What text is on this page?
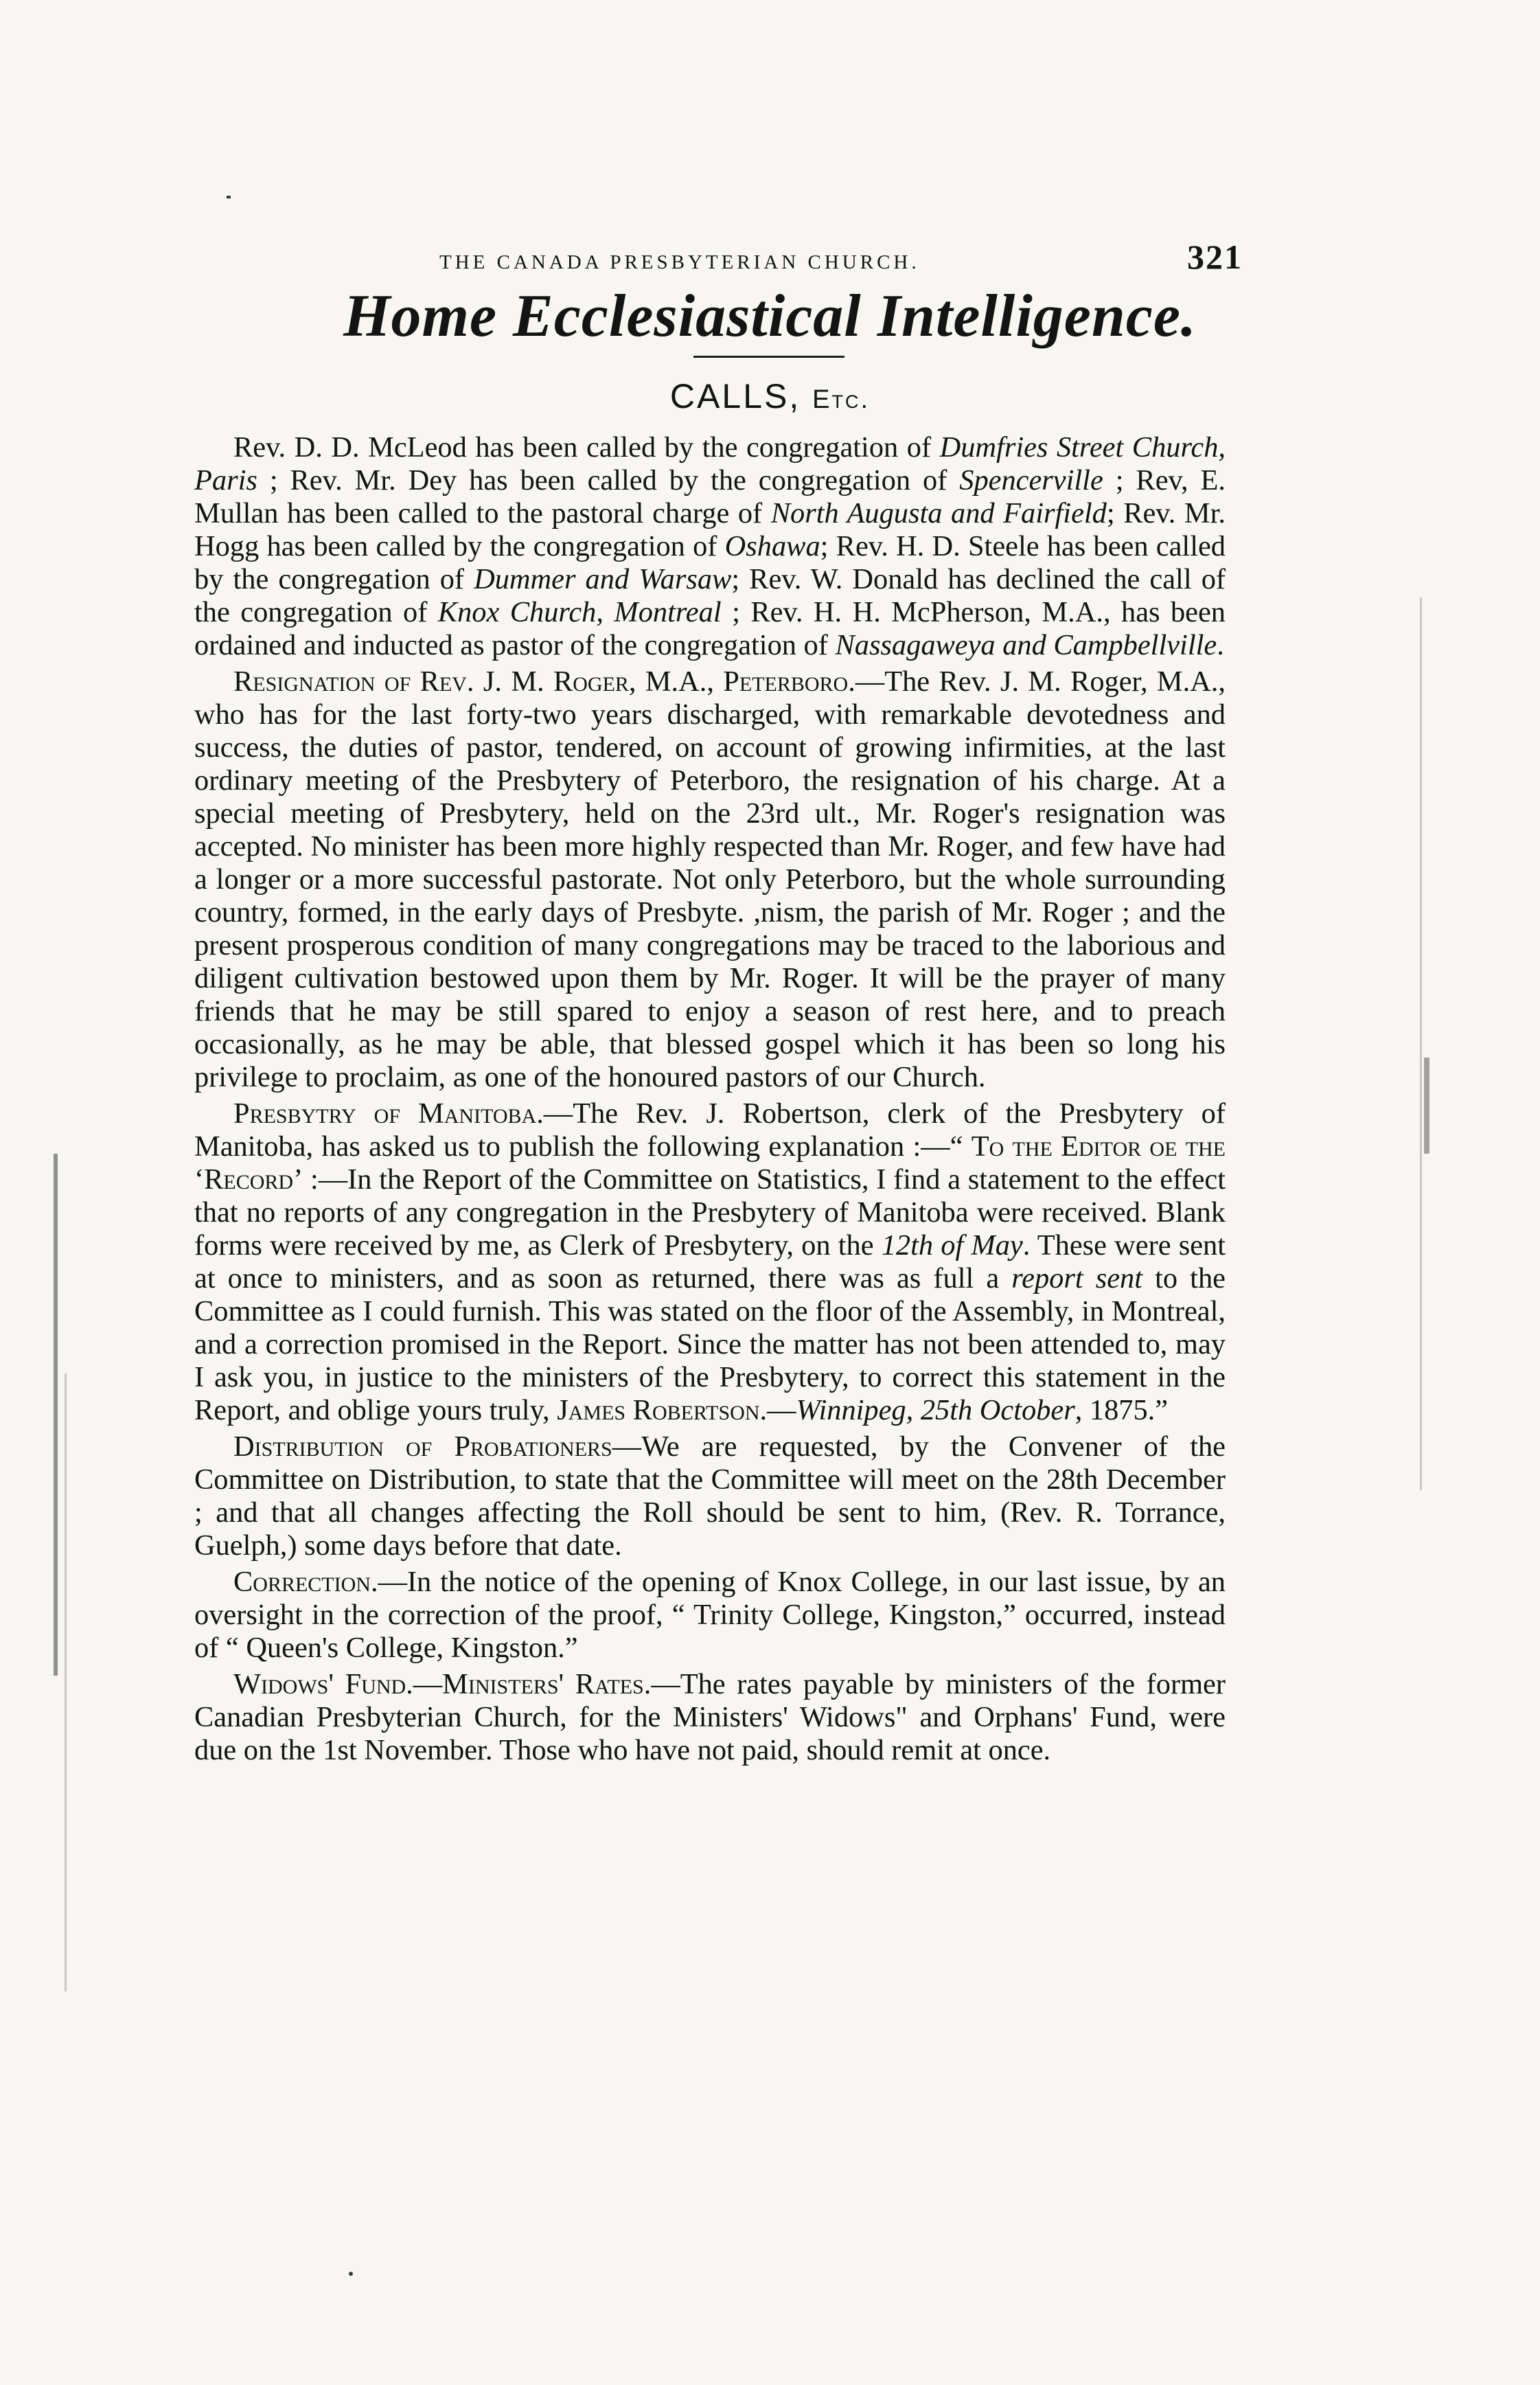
THE CANADA PRESBYTERIAN CHURCH.	321
Home Ecclesiastical Intelligence.
CALLS, Etc.

Rev. D. D. McLeod has been called by the congregation of Dumfries Street Church, Paris ; Rev. Mr. Dey has been called by the congregation of Spencerville ; Rev, E. Mullan has been called to the pastoral charge of North Augusta and Fairfield; Rev. Mr. Hogg has been called by the congregation of Oshawa; Rev. H. D. Steele has been called by the congregation of Dummer and Warsaw; Rev. W. Donald has declined the call of the congregation of Knox Church, Montreal ; Rev. H. H. McPherson, M.A., has been ordained and inducted as pastor of the congregation of Nassagaweya and Campbellville.

Resignation of Rev. J. M. Roger, M.A., Peterboro.—The Rev. J. M. Roger, M.A., who has for the last forty-two years discharged, with remarkable devotedness and success, the duties of pastor, tendered, on account of growing infirmities, at the last ordinary meeting of the Presbytery of Peterboro, the resignation of his charge. At a special meeting of Presbytery, held on the 23rd ult., Mr. Roger's resignation was accepted. No minister has been more highly respected than Mr. Roger, and few have had a longer or a more successful pastorate. Not only Peterboro, but the whole surrounding country, formed, in the early days of Presbyte. ,nism, the parish of Mr. Roger ; and the present prosperous condition of many congregations may be traced to the laborious and diligent cultivation bestowed upon them by Mr. Roger. It will be the prayer of many friends that he may be still spared to enjoy a season of rest here, and to preach occasionally, as he may be able, that blessed gospel which it has been so long his privilege to proclaim, as one of the honoured pastors of our Church.

Presbytry of Manitoba.—The Rev. J. Robertson, clerk of the Presbytery of Manitoba, has asked us to publish the following explanation :—“ To the Editor oe the ‘Record’ :—In the Report of the Committee on Statistics, I find a statement to the effect that no reports of any congregation in the Presbytery of Manitoba were received. Blank forms were received by me, as Clerk of Presbytery, on the 12th of May. These were sent at once to ministers, and as soon as returned, there was as full a report sent to the Committee as I could furnish. This was stated on the floor of the Assembly, in Montreal, and a correction promised in the Report. Since the matter has not been attended to, may I ask you, in justice to the ministers of the Presbytery, to correct this statement in the Report, and oblige yours truly, James Robertson.—Winnipeg, 25th October, 1875.”

Distribution of Probationers—We are requested, by the Convener of the Committee on Distribution, to state that the Committee will meet on the 28th December ; and that all changes affecting the Roll should be sent to him, (Rev. R. Torrance, Guelph,) some days before that date.

Correction.—In the notice of the opening of Knox College, in our last issue, by an oversight in the correction of the proof, “ Trinity College, Kingston,” occurred, instead of “ Queen's College, Kingston.”

Widows' Fund.—Ministers' Rates.—The rates payable by ministers of the former Canadian Presbyterian Church, for the Ministers' Widows" and Orphans' Fund, were due on the 1st November. Those who have not paid, should remit at once.
